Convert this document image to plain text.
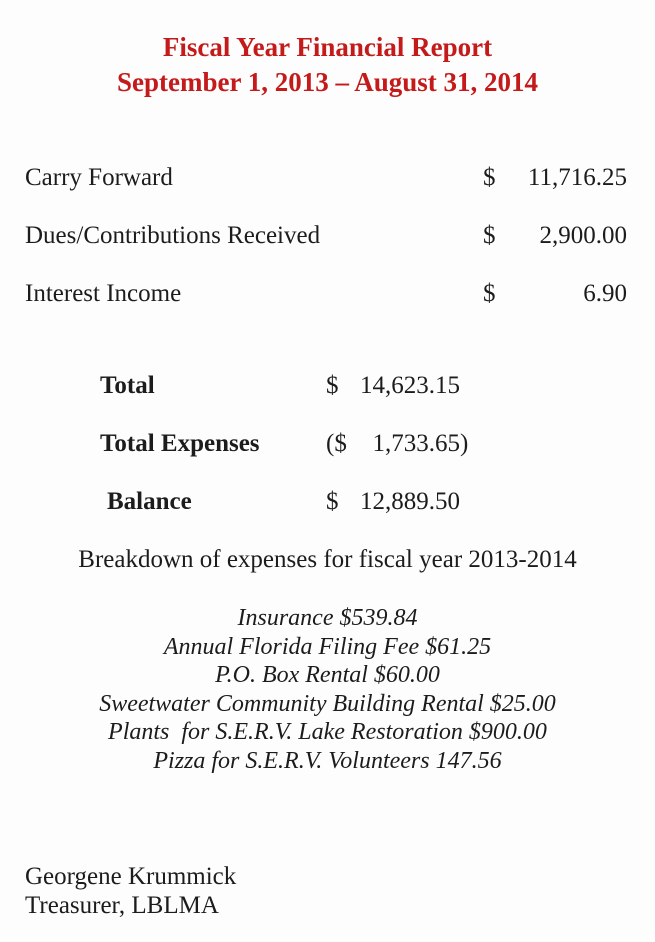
Fiscal Year Financial Report
September 1, 2013 – August 31, 2014
Carry Forward	$	11,716.25
Dues/Contributions Received	$	2,900.00
Interest Income	$	6.90
Total	$ 14,623.15
Total Expenses	($	1,733.65 )
Balance	$ 12,889.50
Breakdown of expenses for fiscal year 2013-2014
Insurance $539.84
Annual Florida Filing Fee $61.25
P.O. Box Rental $60.00
Sweetwater Community Building Rental $25.00
Plants  for S.E.R.V. Lake Restoration $900.00
Pizza for S.E.R.V. Volunteers 147.56
Georgene Krummick
Treasurer, LBLMA
